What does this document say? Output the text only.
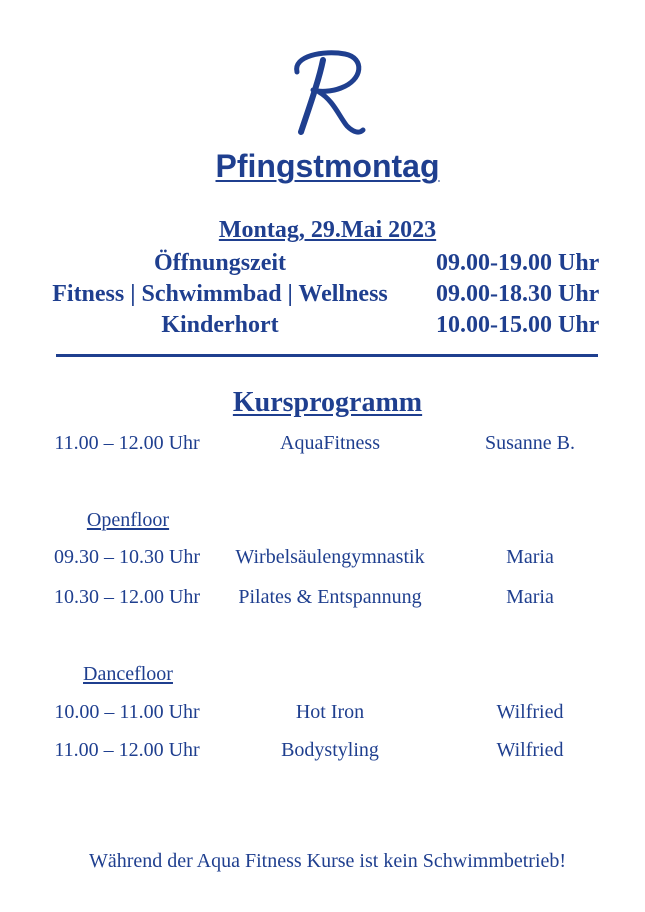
Pfingstmontag
Montag, 29.Mai 2023
Öffnungszeit	09.00-19.00 Uhr
Fitness | Schwimmbad | Wellness	09.00-18.30 Uhr
Kinderhort	10.00-15.00 Uhr
Kursprogramm
11.00 – 12.00 Uhr	AquaFitness	Susanne B.
Openfloor
09.30 – 10.30 Uhr	Wirbelsäulengymnastik	Maria
10.30 – 12.00 Uhr	Pilates & Entspannung	Maria
Dancefloor
10.00 – 11.00 Uhr	Hot Iron	Wilfried
11.00 – 12.00 Uhr	Bodystyling	Wilfried
Während der Aqua Fitness Kurse ist kein Schwimmbetrieb!
